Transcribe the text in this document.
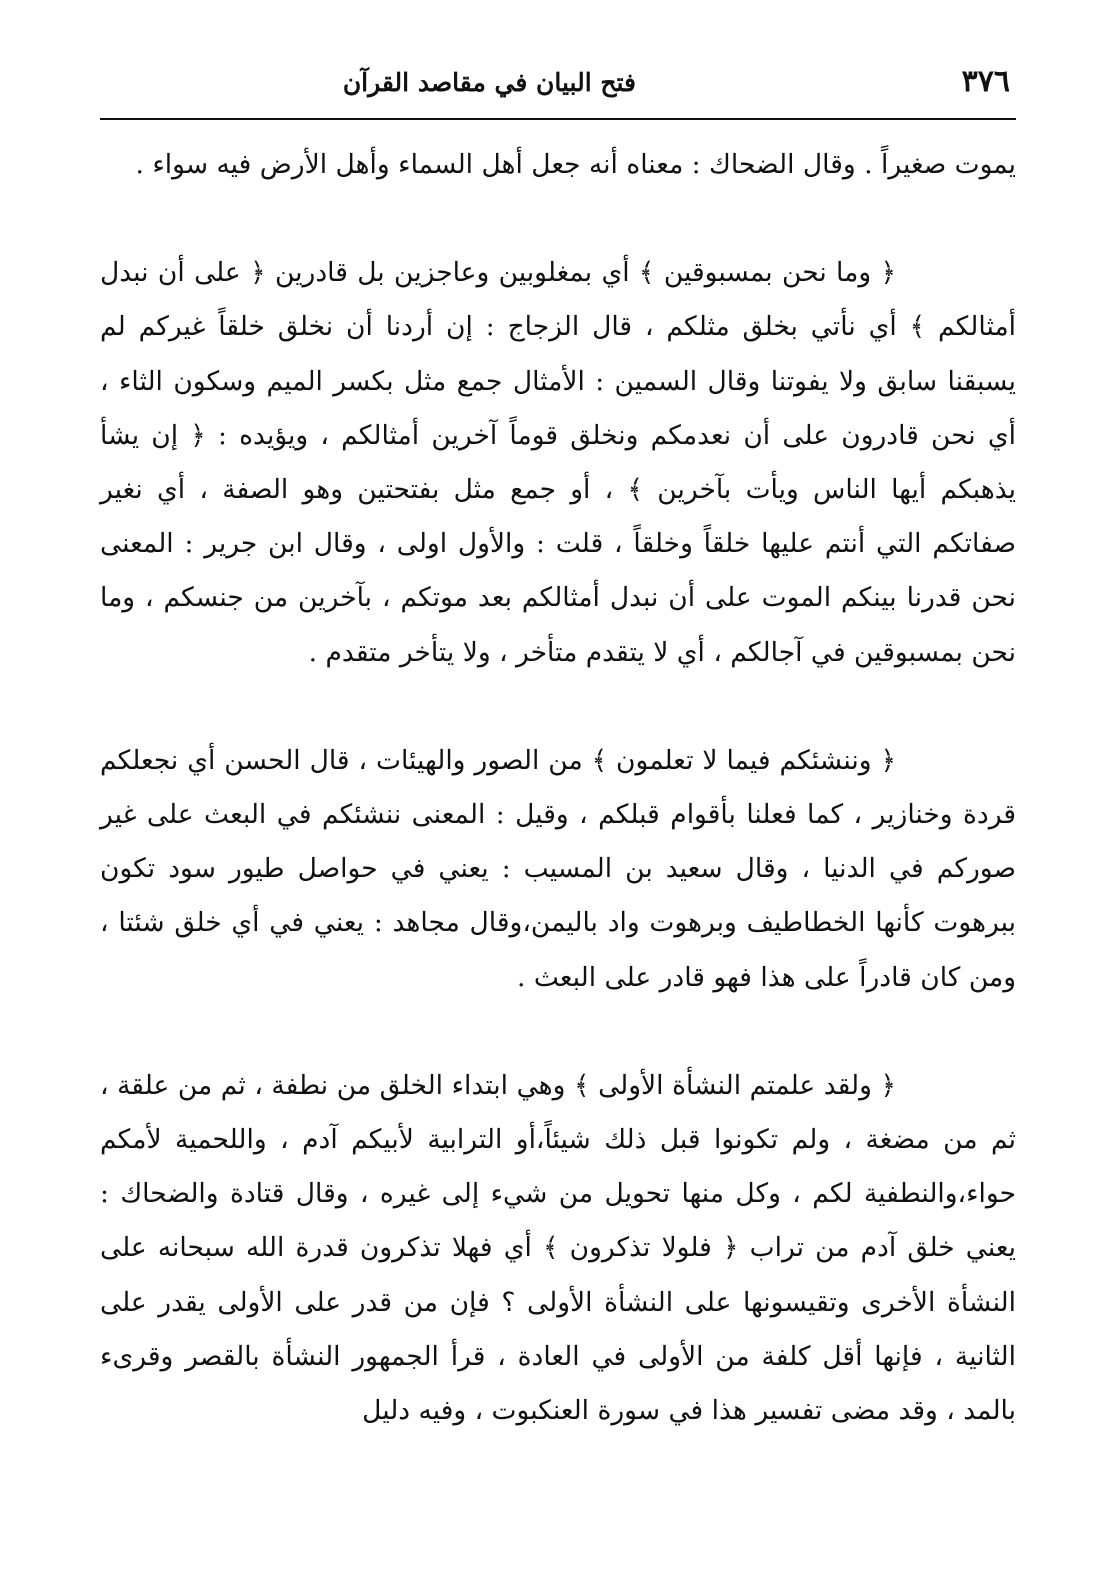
٣٧٦
فتح البيان في مقاصد القرآن

يموت صغيراً . وقال الضحاك : معناه أنه جعل أهل السماء وأهل الأرض فيه سواء .

﴿ وما نحن بمسبوقين ﴾ أي بمغلوبين وعاجزين بل قادرين ﴿ على أن نبدل أمثالكم ﴾ أي نأتي بخلق مثلكم ، قال الزجاج : إن أردنا أن نخلق خلقاً غيركم لم يسبقنا سابق ولا يفوتنا وقال السمين : الأمثال جمع مثل بكسر الميم وسكون الثاء ، أي نحن قادرون على أن نعدمكم ونخلق قوماً آخرين أمثالكم ، ويؤيده : ﴿ إن يشأ يذهبكم أيها الناس ويأت بآخرين ﴾ ، أو جمع مثل بفتحتين وهو الصفة ، أي نغير صفاتكم التي أنتم عليها خلقاً وخلقاً ، قلت : والأول اولى ، وقال ابن جرير : المعنى نحن قدرنا بينكم الموت على أن نبدل أمثالكم بعد موتكم ، بآخرين من جنسكم ، وما نحن بمسبوقين في آجالكم ، أي لا يتقدم متأخر ، ولا يتأخر متقدم .

﴿ وننشئكم فيما لا تعلمون ﴾ من الصور والهيئات ، قال الحسن أي نجعلكم قردة وخنازير ، كما فعلنا بأقوام قبلكم ، وقيل : المعنى ننشئكم في البعث على غير صوركم في الدنيا ، وقال سعيد بن المسيب : يعني في حواصل طيور سود تكون ببرهوت كأنها الخطاطيف وبرهوت واد باليمن،وقال مجاهد : يعني في أي خلق شئتا ، ومن كان قادراً على هذا فهو قادر على البعث .

﴿ ولقد علمتم النشأة الأولى ﴾ وهي ابتداء الخلق من نطفة ، ثم من علقة ، ثم من مضغة ، ولم تكونوا قبل ذلك شيئاً،أو الترابية لأبيكم آدم ، واللحمية لأمكم حواء،والنطفية لكم ، وكل منها تحويل من شيء إلى غيره ، وقال قتادة والضحاك : يعني خلق آدم من تراب ﴿ فلولا تذكرون ﴾ أي فهلا تذكرون قدرة الله سبحانه على النشأة الأخرى وتقيسونها على النشأة الأولى ؟ فإن من قدر على الأولى يقدر على الثانية ، فإنها أقل كلفة من الأولى في العادة ، قرأ الجمهور النشأة بالقصر وقرىء بالمد ، وقد مضى تفسير هذا في سورة العنكبوت ، وفيه دليل
